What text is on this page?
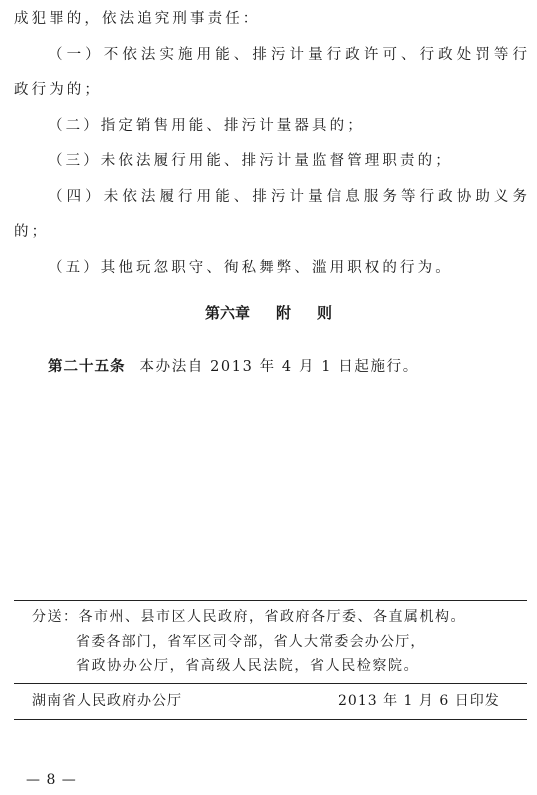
成犯罪的，依法追究刑事责任：
（一）不依法实施用能、排污计量行政许可、行政处罚等行
政行为的；
（二）指定销售用能、排污计量器具的；
（三）未依法履行用能、排污计量监督管理职责的；
（四）未依法履行用能、排污计量信息服务等行政协助义务
的；
（五）其他玩忽职守、徇私舞弊、滥用职权的行为。
第六章 附 则
第二十五条 本办法自 2013 年 4 月 1 日起施行。
分送：各市州、县市区人民政府，省政府各厅委、各直属机构。
省委各部门，省军区司令部，省人大常委会办公厅，
省政协办公厅，省高级人民法院，省人民检察院。
湖南省人民政府办公厅	2013 年 1 月 6 日印发
— 8 —
